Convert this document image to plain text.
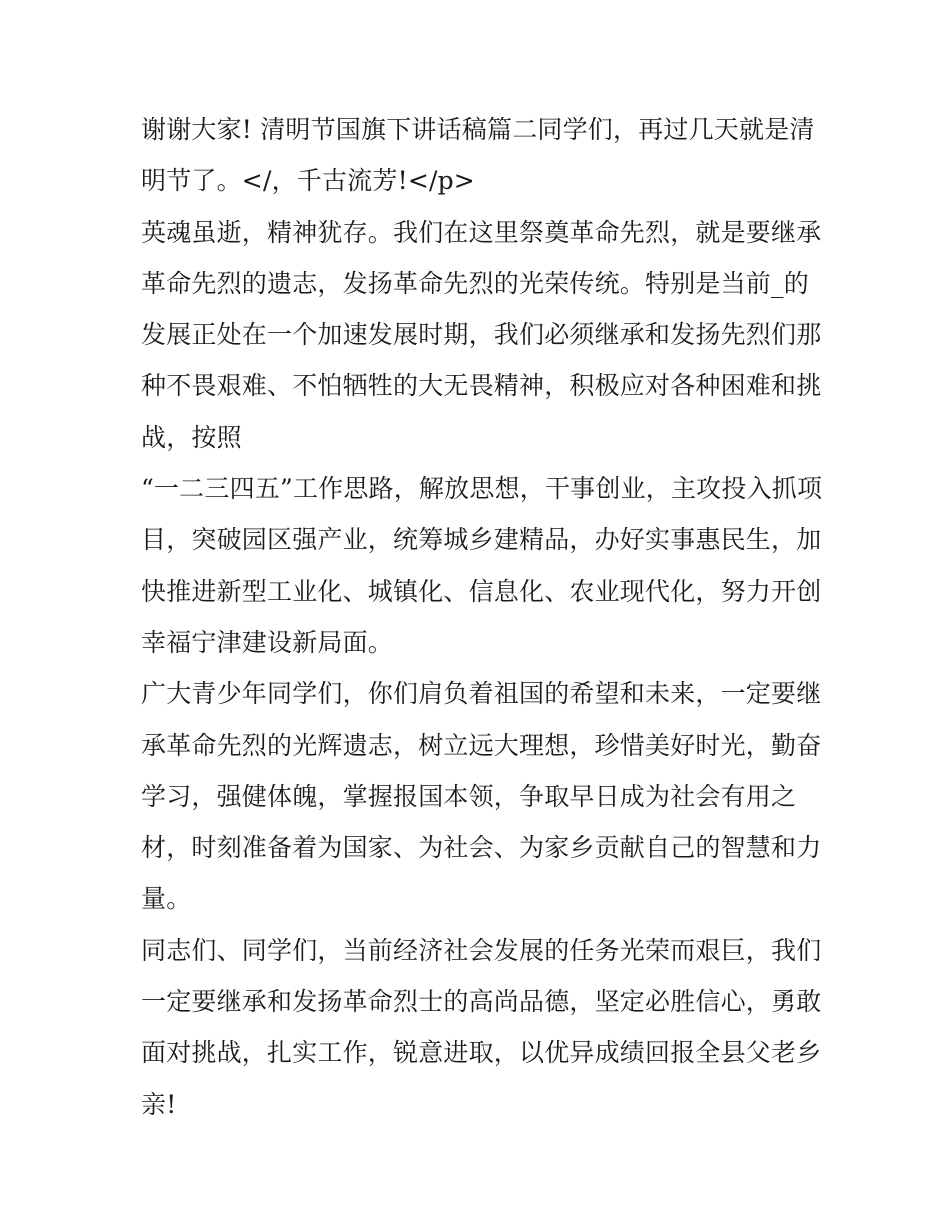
谢谢大家! 清明节国旗下讲话稿篇二同学们，再过几天就是清
明节了。</，千古流芳!</p>
英魂虽逝，精神犹存。我们在这里祭奠革命先烈，就是要继承
革命先烈的遗志，发扬革命先烈的光荣传统。特别是当前_的
发展正处在一个加速发展时期，我们必须继承和发扬先烈们那
种不畏艰难、不怕牺牲的大无畏精神，积极应对各种困难和挑
战，按照
“一二三四五”工作思路，解放思想，干事创业，主攻投入抓项
目，突破园区强产业，统筹城乡建精品，办好实事惠民生，加
快推进新型工业化、城镇化、信息化、农业现代化，努力开创
幸福宁津建设新局面。
广大青少年同学们，你们肩负着祖国的希望和未来，一定要继
承革命先烈的光辉遗志，树立远大理想，珍惜美好时光，勤奋
学习，强健体魄，掌握报国本领，争取早日成为社会有用之
材，时刻准备着为国家、为社会、为家乡贡献自己的智慧和力
量。
同志们、同学们，当前经济社会发展的任务光荣而艰巨，我们
一定要继承和发扬革命烈士的高尚品德，坚定必胜信心，勇敢
面对挑战，扎实工作，锐意进取，以优异成绩回报全县父老乡
亲!
